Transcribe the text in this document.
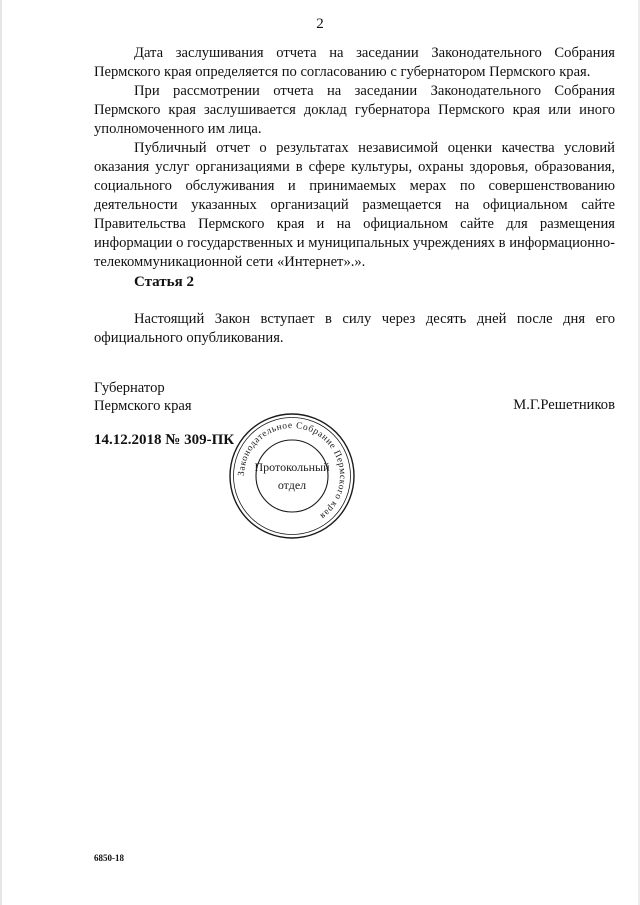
2

Дата заслушивания отчета на заседании Законодательного Собрания Пермского края определяется по согласованию с губернатором Пермского края.

При рассмотрении отчета на заседании Законодательного Собрания Пермского края заслушивается доклад губернатора Пермского края или иного уполномоченного им лица.

Публичный отчет о результатах независимой оценки качества условий оказания услуг организациями в сфере культуры, охраны здоровья, образования, социального обслуживания и принимаемых мерах по совершенствованию деятельности указанных организаций размещается на официальном сайте Правительства Пермского края и на официальном сайте для размещения информации о государственных и муниципальных учреждениях в информационно-телекоммуникационной сети «Интернет».».

Статья 2

Настоящий Закон вступает в силу через десять дней после дня его официального опубликования.

Губернатор
Пермского края	М.Г.Решетников
14.12.2018 № 309-ПК
Законодательное Собрание Пермского края
Протокольный
отдел
6850-18
